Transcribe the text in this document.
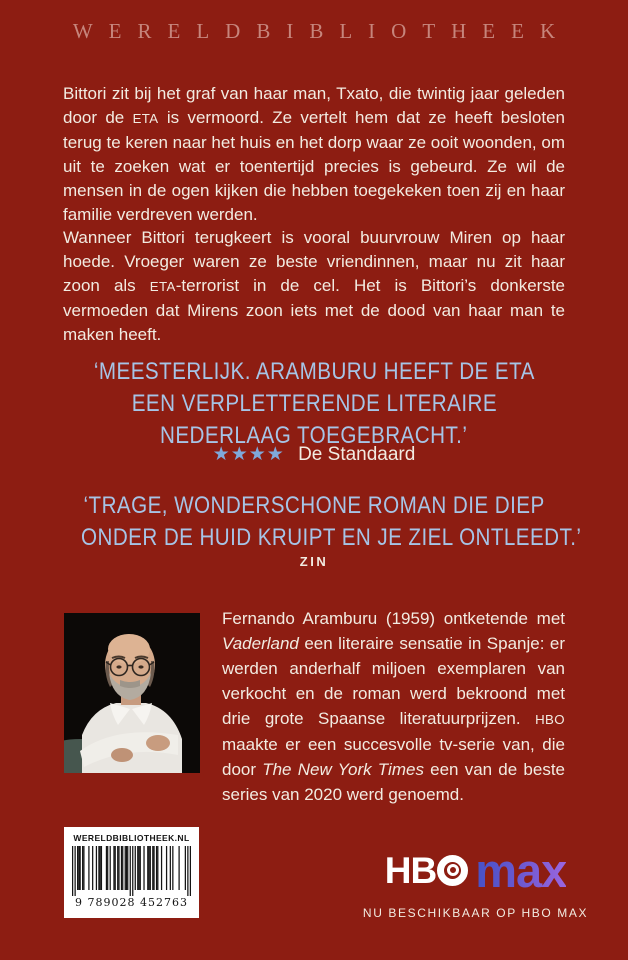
WERELDBIBLIOTHEEK

Bittori zit bij het graf van haar man, Txato, die twintig jaar geleden door de ETA is vermoord. Ze vertelt hem dat ze heeft besloten terug te keren naar het huis en het dorp waar ze ooit woonden, om uit te zoeken wat er toentertijd precies is gebeurd. Ze wil de mensen in de ogen kijken die hebben toegekeken toen zij en haar familie verdreven werden.

Wanneer Bittori terugkeert is vooral buurvrouw Miren op haar hoede. Vroeger waren ze beste vriendinnen, maar nu zit haar zoon als ETA-terrorist in de cel. Het is Bittori’s donkerste vermoeden dat Mirens zoon iets met de dood van haar man te maken heeft.

‘MEESTERLIJK. ARAMBURU HEEFT DE ETA
EEN VERPLETTERENDE LITERAIRE
NEDERLAAG TOEGEBRACHT.’
★★★★ De Standaard
‘TRAGE, WONDERSCHONE ROMAN DIE DIEP
ONDER DE HUID KRUIPT EN JE ZIEL ONTLEEDT.’
ZIN

Fernando Aramburu (1959) ontketende met Vaderland een literaire sensatie in Spanje: er werden anderhalf miljoen exemplaren van verkocht en de roman werd bekroond met drie grote Spaanse literatuurprijzen. HBO maakte er een succesvolle tv-serie van, die door The New York Times een van de beste series van 2020 werd genoemd.

WERELDBIBLIOTHEEK.NL
9 789028 452763
HB max
NU BESCHIKBAAR OP HBO MAX
